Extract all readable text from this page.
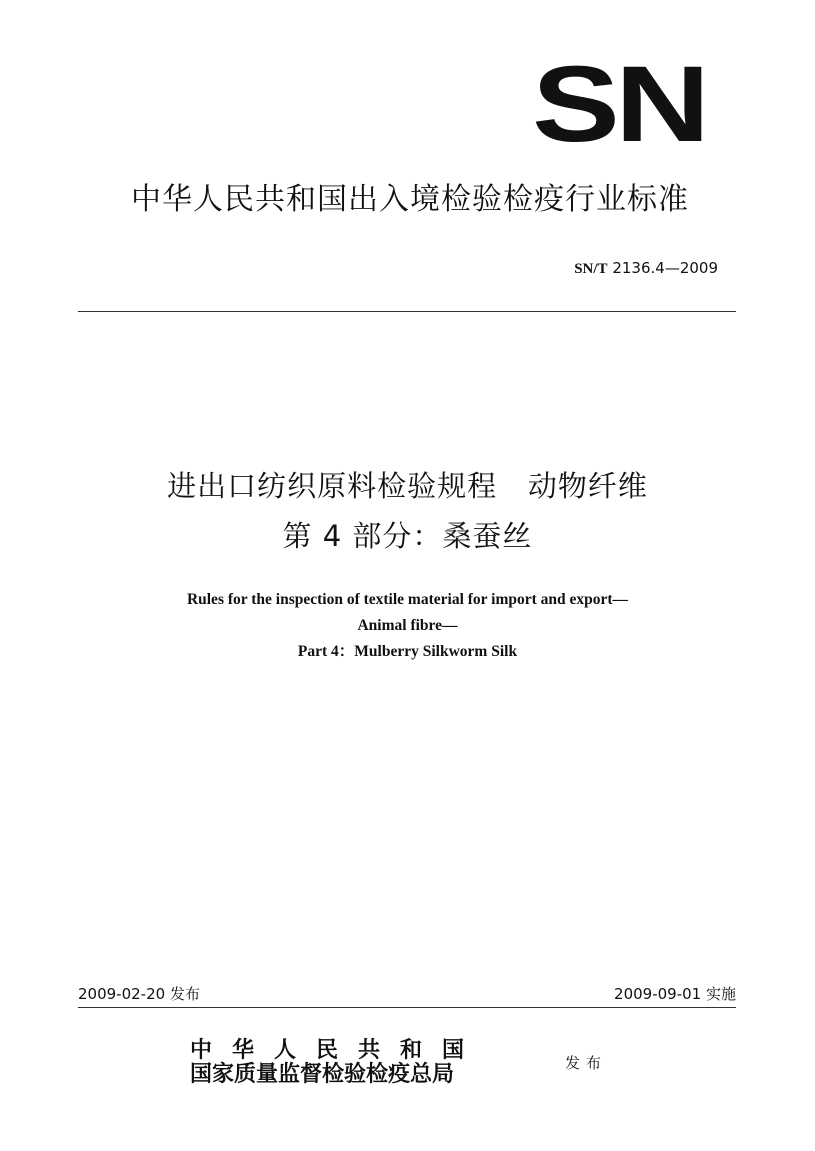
SN
中华人民共和国出入境检验检疫行业标准
SN/T 2136.4—2009
进出口纺织原料检验规程   动物纤维
第 4 部分：桑蚕丝
Rules for the inspection of textile material for import and export—
Animal fibre—
Part 4：Mulberry Silkworm Silk
2009-02-20 发布	2009-09-01 实施
中华人民共和国
国家质量监督检验检疫总局	发布
